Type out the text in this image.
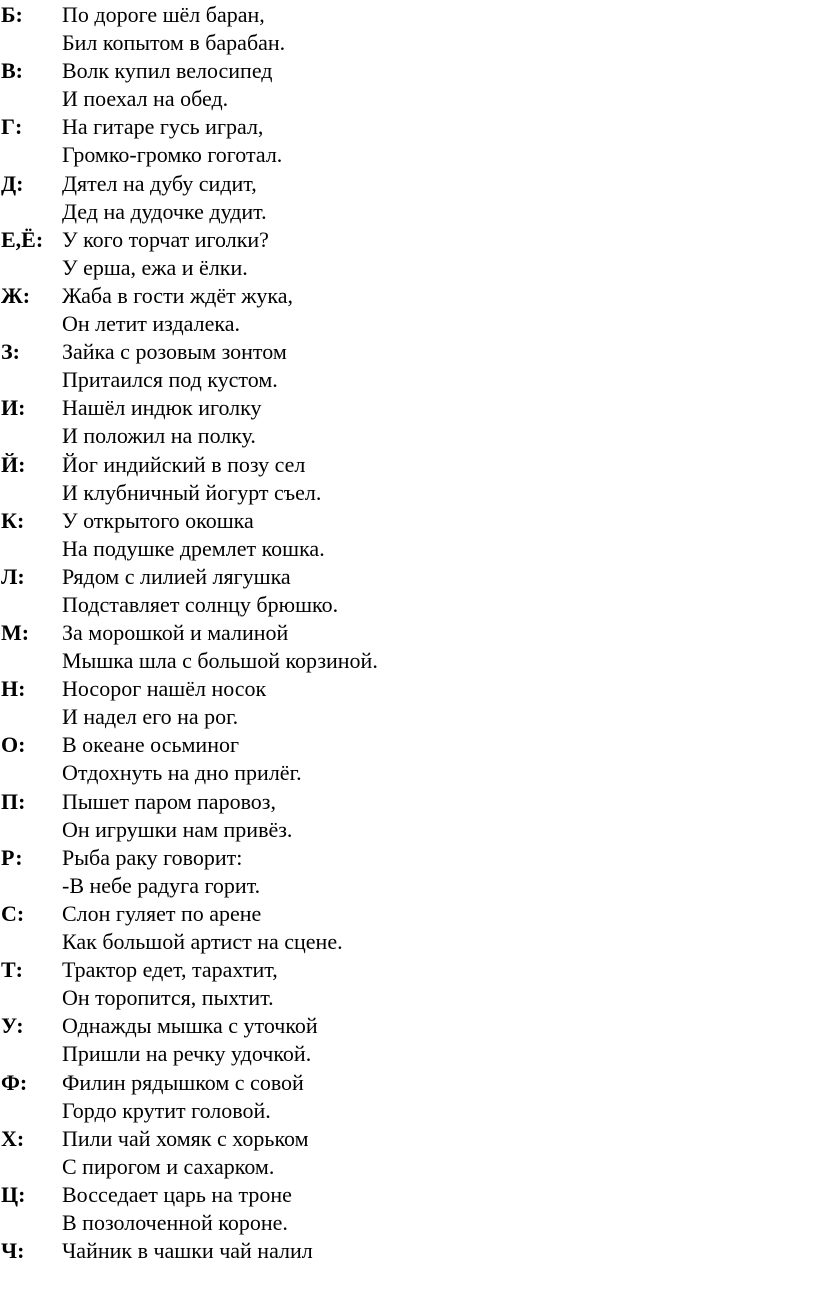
Б: По дороге шёл баран,
Бил копытом в барабан.
В: Волк купил велосипед
И поехал на обед.
Г: На гитаре гусь играл,
Громко-громко гоготал.
Д: Дятел на дубу сидит,
Дед на дудочке дудит.
Е,Ё: У кого торчат иголки?
У ерша, ежа и ёлки.
Ж: Жаба в гости ждёт жука,
Он летит издалека.
З: Зайка с розовым зонтом
Притаился под кустом.
И: Нашёл индюк иголку
И положил на полку.
Й: Йог индийский в позу сел
И клубничный йогурт съел.
К: У открытого окошка
На подушке дремлет кошка.
Л: Рядом с лилией лягушка
Подставляет солнцу брюшко.
М: За морошкой и малиной
Мышка шла с большой корзиной.
Н: Носорог нашёл носок
И надел его на рог.
О: В океане осьминог
Отдохнуть на дно прилёг.
П: Пышет паром паровоз,
Он игрушки нам привёз.
Р: Рыба раку говорит:
-В небе радуга горит.
С: Слон гуляет по арене
Как большой артист на сцене.
Т: Трактор едет, тарахтит,
Он торопится, пыхтит.
У: Однажды мышка с уточкой
Пришли на речку удочкой.
Ф: Филин рядышком с совой
Гордо крутит головой.
Х: Пили чай хомяк с хорьком
С пирогом и сахарком.
Ц: Восседает царь на троне
В позолоченной короне.
Ч: Чайник в чашки чай налил
